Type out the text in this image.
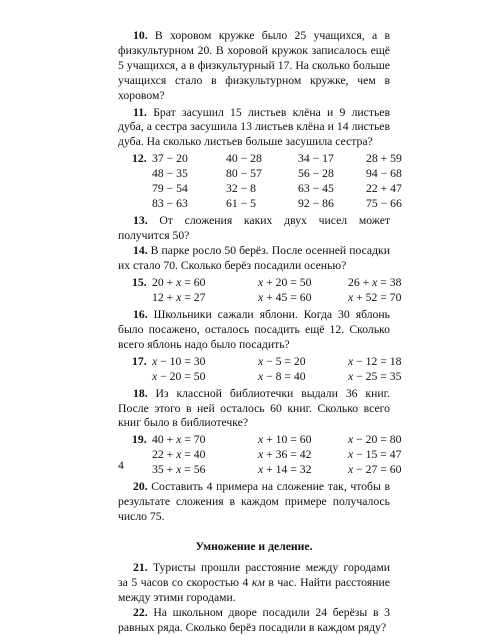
10. В хоровом кружке было 25 учащихся, а в физкультурном 20. В хоровой кружок записалось ещё 5 учащихся, а в физкультурный 17. На сколько больше учащихся стало в физкультурном кружке, чем в хоровом?

11. Брат засушил 15 листьев клёна и 9 листьев дуба, а сестра засушила 13 листьев клёна и 14 листьев дуба. На сколько листьев больше засушила сестра?

12. 37 − 20	40 − 28	34 − 17	28 + 59
48 − 35	80 − 57	56 − 28	94 − 68
79 − 54	32 − 8	63 − 45	22 + 47
83 − 63	61 − 5	92 − 86	75 − 66

13. От сложения каких двух чисел может получится 50?

14. В парке росло 50 берёз. После осенней посадки их стало 70. Сколько берёз посадили осенью?

15. 20 + x = 60	x + 20 = 50	26 + x = 38
12 + x = 27	x + 45 = 60	x + 52 = 70

16. Школьники сажали яблони. Когда 30 яблонь было посажено, осталось посадить ещё 12. Сколько всего яблонь надо было посадить?

17. x − 10 = 30	x − 5 = 20	x − 12 = 18
x − 20 = 50	x − 8 = 40	x − 25 = 35

18. Из классной библиотечки выдали 36 книг. После этого в ней осталось 60 книг. Сколько всего книг было в библиотечке?

19. 40 + x = 70	x + 10 = 60	x − 20 = 80
22 + x = 40	x + 36 = 42	x − 15 = 47
35 + x = 56	x + 14 = 32	x − 27 = 60

20. Составить 4 примера на сложение так, чтобы в результате сложения в каждом примере получалось число 75.

Умножение и деление.

21. Туристы прошли расстояние между городами за 5 часов со скоростью 4 км в час. Найти расстояние между этими городами.

22. На школьном дворе посадили 24 берёзы в 3 равных ряда. Сколько берёз посадили в каждом ряду?

4
